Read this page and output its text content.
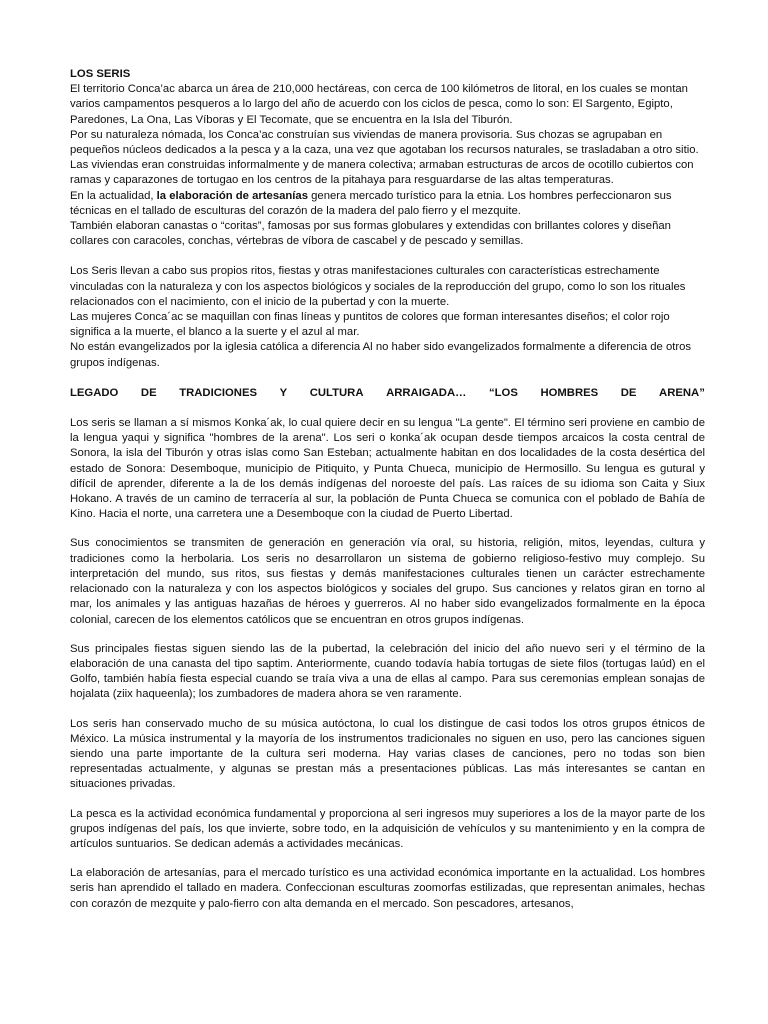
LOS SERIS

El territorio Conca’ac abarca un área de 210,000 hectáreas, con cerca de 100 kilómetros de litoral, en los cuales se montan varios campamentos pesqueros a lo largo del año de acuerdo con los ciclos de pesca, como lo son: El Sargento, Egipto, Paredones, La Ona, Las Víboras y El Tecomate, que se encuentra en la Isla del Tiburón.

Por su naturaleza nómada, los Conca’ac construían sus viviendas de manera provisoria. Sus chozas se agrupaban en pequeños núcleos dedicados a la pesca y a la caza, una vez que agotaban los recursos naturales, se trasladaban a otro sitio.

Las viviendas eran construidas informalmente y de manera colectiva; armaban estructuras de arcos de ocotillo cubiertos con ramas y caparazones de tortugao en los centros de la pitahaya para resguardarse de las altas temperaturas.

En la actualidad, la elaboración de artesanías genera mercado turístico para la etnia. Los hombres perfeccionaron sus técnicas en el tallado de esculturas del corazón de la madera del palo fierro y el mezquite.

También elaboran canastas o “coritas”, famosas por sus formas globulares y extendidas con brillantes colores y diseñan collares con caracoles, conchas, vértebras de víbora de cascabel y de pescado y semillas.

Los Seris llevan a cabo sus propios ritos, fiestas y otras manifestaciones culturales con características estrechamente vinculadas con la naturaleza y con los aspectos biológicos y sociales de la reproducción del grupo, como lo son los rituales relacionados con el nacimiento, con el inicio de la pubertad y con la muerte.

Las mujeres Conca´ac se maquillan con finas líneas y puntitos de colores que forman interesantes diseños; el color rojo significa a la muerte, el blanco a la suerte y el azul al mar.

No están evangelizados por la iglesia católica a diferencia Al no haber sido evangelizados formalmente a diferencia de otros grupos indígenas.

LEGADO DE TRADICIONES Y CULTURA ARRAIGADA… “LOS HOMBRES DE ARENA”

Los seris se llaman a sí mismos Konka´ak, lo cual quiere decir en su lengua "La gente". El término seri proviene en cambio de la lengua yaqui y significa "hombres de la arena". Los seri o konka´ak ocupan desde tiempos arcaicos la costa central de Sonora, la isla del Tiburón y otras islas como San Esteban; actualmente habitan en dos localidades de la costa desértica del estado de Sonora: Desemboque, municipio de Pitiquito, y Punta Chueca, municipio de Hermosillo. Su lengua es gutural y difícil de aprender, diferente a la de los demás indígenas del noroeste del país. Las raíces de su idioma son Caita y Siux Hokano. A través de un camino de terracería al sur, la población de Punta Chueca se comunica con el poblado de Bahía de Kino. Hacia el norte, una carretera une a Desemboque con la ciudad de Puerto Libertad.

Sus conocimientos se transmiten de generación en generación vía oral, su historia, religión, mitos, leyendas, cultura y tradiciones como la herbolaria. Los seris no desarrollaron un sistema de gobierno religioso-festivo muy complejo. Su interpretación del mundo, sus ritos, sus fiestas y demás manifestaciones culturales tienen un carácter estrechamente relacionado con la naturaleza y con los aspectos biológicos y sociales del grupo. Sus canciones y relatos giran en torno al mar, los animales y las antiguas hazañas de héroes y guerreros. Al no haber sido evangelizados formalmente en la época colonial, carecen de los elementos católicos que se encuentran en otros grupos indígenas.

Sus principales fiestas siguen siendo las de la pubertad, la celebración del inicio del año nuevo seri y el término de la elaboración de una canasta del tipo saptim. Anteriormente, cuando todavía había tortugas de siete filos (tortugas laúd) en el Golfo, también había fiesta especial cuando se traía viva a una de ellas al campo. Para sus ceremonias emplean sonajas de hojalata (ziix haqueenla); los zumbadores de madera ahora se ven raramente.

Los seris han conservado mucho de su música autóctona, lo cual los distingue de casi todos los otros grupos étnicos de México. La música instrumental y la mayoría de los instrumentos tradicionales no siguen en uso, pero las canciones siguen siendo una parte importante de la cultura seri moderna. Hay varias clases de canciones, pero no todas son bien representadas actualmente, y algunas se prestan más a presentaciones públicas. Las más interesantes se cantan en situaciones privadas.

La pesca es la actividad económica fundamental y proporciona al seri ingresos muy superiores a los de la mayor parte de los grupos indígenas del país, los que invierte, sobre todo, en la adquisición de vehículos y su mantenimiento y en la compra de artículos suntuarios. Se dedican además a actividades mecánicas.

La elaboración de artesanías, para el mercado turístico es una actividad económica importante en la actualidad. Los hombres seris han aprendido el tallado en madera. Confeccionan esculturas zoomorfas estilizadas, que representan animales, hechas con corazón de mezquite y palo-fierro con alta demanda en el mercado. Son pescadores, artesanos,
